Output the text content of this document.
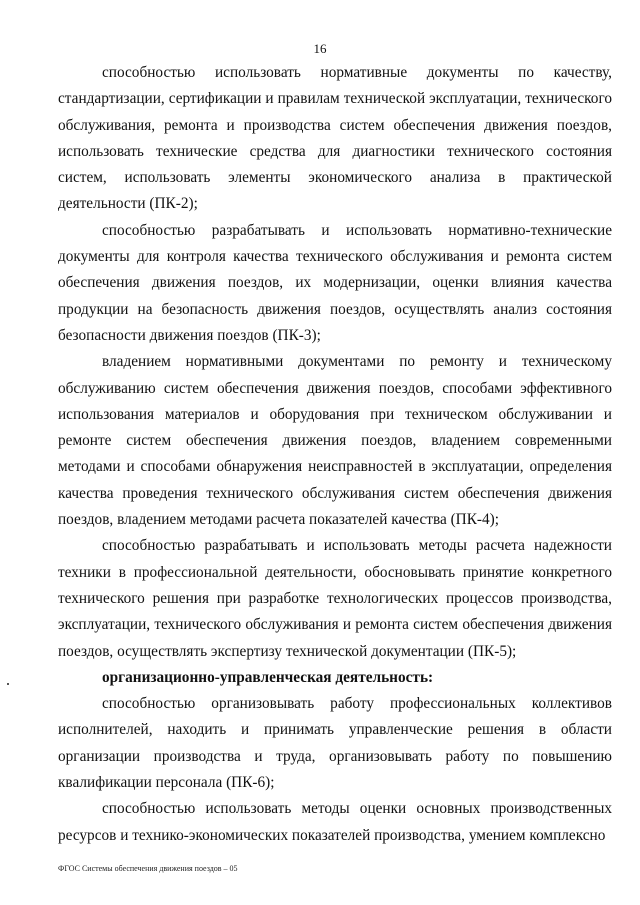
16

способностью использовать нормативные документы по качеству, стандартизации, сертификации и правилам технической эксплуатации, технического обслуживания, ремонта и производства систем обеспечения движения поездов, использовать технические средства для диагностики технического состояния систем, использовать элементы экономического анализа в практической деятельности (ПК-2);

способностью разрабатывать и использовать нормативно-технические документы для контроля качества технического обслуживания и ремонта систем обеспечения движения поездов, их модернизации, оценки влияния качества продукции на безопасность движения поездов, осуществлять анализ состояния безопасности движения поездов (ПК-3);

владением нормативными документами по ремонту и техническому обслуживанию систем обеспечения движения поездов, способами эффективного использования материалов и оборудования при техническом обслуживании и ремонте систем обеспечения движения поездов, владением современными методами и способами обнаружения неисправностей в эксплуатации, определения качества проведения технического обслуживания систем обеспечения движения поездов, владением методами расчета показателей качества (ПК-4);

способностью разрабатывать и использовать методы расчета надежности техники в профессиональной деятельности, обосновывать принятие конкретного технического решения при разработке технологических процессов производства, эксплуатации, технического обслуживания и ремонта систем обеспечения движения поездов, осуществлять экспертизу технической документации (ПК-5);

организационно-управленческая деятельность:

способностью организовывать работу профессиональных коллективов исполнителей, находить и принимать управленческие решения в области организации производства и труда, организовывать работу по повышению квалификации персонала (ПК-6);

способностью использовать методы оценки основных производственных ресурсов и технико-экономических показателей производства, умением комплексно

ФГОС Системы обеспечения движения поездов – 05
